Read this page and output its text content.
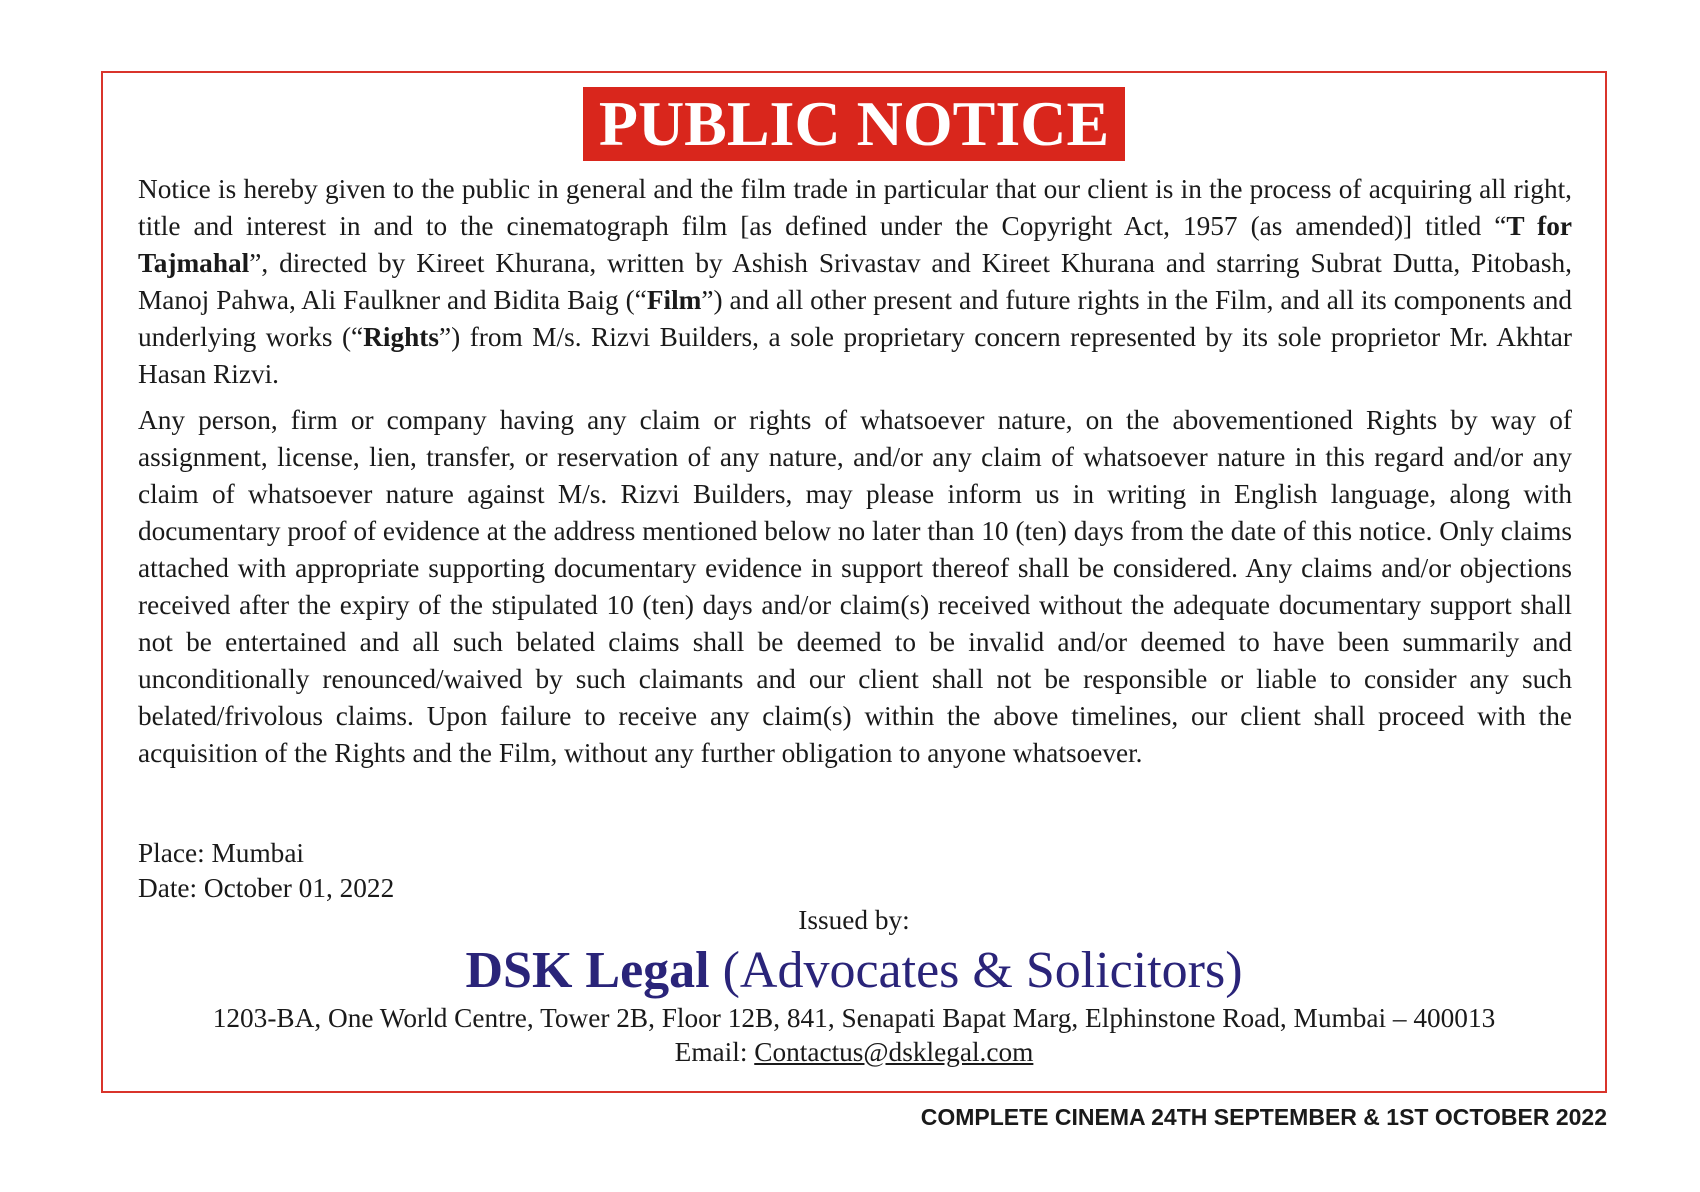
PUBLIC NOTICE

Notice is hereby given to the public in general and the film trade in particular that our client is in the process of acquiring all right, title and interest in and to the cinematograph film [as defined under the Copyright Act, 1957 (as amended)] titled “T for Tajmahal”, directed by Kireet Khurana, written by Ashish Srivastav and Kireet Khurana and starring Subrat Dutta, Pitobash, Manoj Pahwa, Ali Faulkner and Bidita Baig (“Film”) and all other present and future rights in the Film, and all its components and underlying works (“Rights”) from M/s. Rizvi Builders, a sole proprietary concern represented by its sole proprietor Mr. Akhtar Hasan Rizvi.

Any person, firm or company having any claim or rights of whatsoever nature, on the abovementioned Rights by way of assignment, license, lien, transfer, or reservation of any nature, and/or any claim of whatsoever nature in this regard and/or any claim of whatsoever nature against M/s. Rizvi Builders, may please inform us in writing in English language, along with documentary proof of evidence at the address mentioned below no later than 10 (ten) days from the date of this notice. Only claims attached with appropriate supporting documentary evidence in support thereof shall be considered. Any claims and/or objections received after the expiry of the stipulated 10 (ten) days and/or claim(s) received without the adequate documentary support shall not be entertained and all such belated claims shall be deemed to be invalid and/or deemed to have been summarily and unconditionally renounced/waived by such claimants and our client shall not be responsible or liable to consider any such belated/frivolous claims. Upon failure to receive any claim(s) within the above timelines, our client shall proceed with the acquisition of the Rights and the Film, without any further obligation to anyone whatsoever.

Place: Mumbai
Date: October 01, 2022
Issued by:
DSK Legal (Advocates & Solicitors)
1203-BA, One World Centre, Tower 2B, Floor 12B, 841, Senapati Bapat Marg, Elphinstone Road, Mumbai – 400013
Email: Contactus@dsklegal.com
COMPLETE CINEMA 24TH SEPTEMBER & 1ST OCTOBER 2022
